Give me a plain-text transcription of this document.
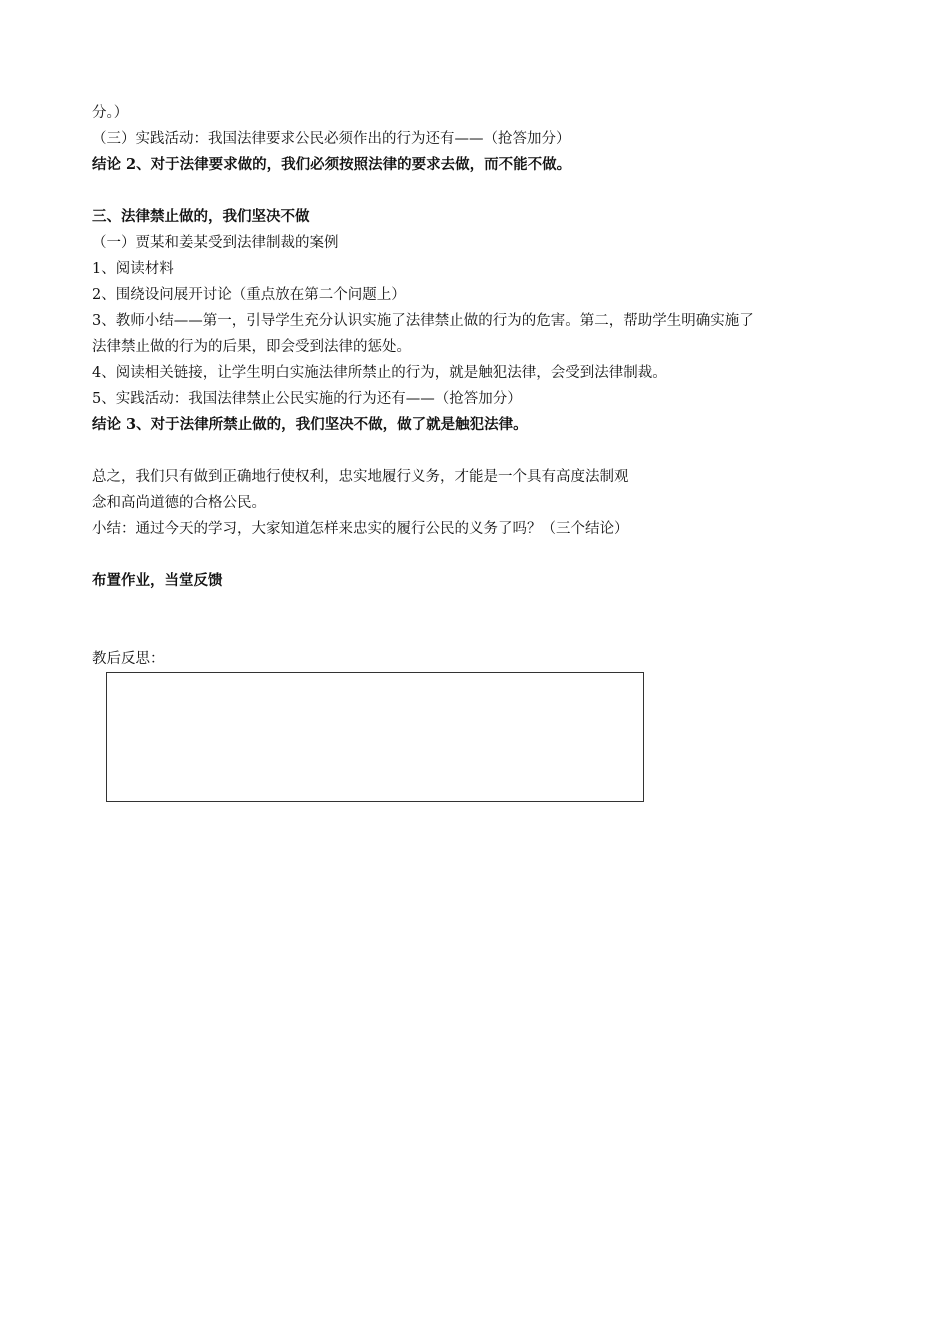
分。）
（三）实践活动：我国法律要求公民必须作出的行为还有——（抢答加分）
结论 2、对于法律要求做的，我们必须按照法律的要求去做，而不能不做。
三、法律禁止做的，我们坚决不做
（一）贾某和姜某受到法律制裁的案例
1、阅读材料
2、围绕设问展开讨论（重点放在第二个问题上）
3、教师小结——第一，引导学生充分认识实施了法律禁止做的行为的危害。第二，帮助学生明确实施了
法律禁止做的行为的后果，即会受到法律的惩处。
4、阅读相关链接，让学生明白实施法律所禁止的行为，就是触犯法律，会受到法律制裁。
5、实践活动：我国法律禁止公民实施的行为还有——（抢答加分）
结论 3、对于法律所禁止做的，我们坚决不做，做了就是触犯法律。
总之，我们只有做到正确地行使权利，忠实地履行义务，才能是一个具有高度法制观
念和高尚道德的合格公民。
小结：通过今天的学习，大家知道怎样来忠实的履行公民的义务了吗？（三个结论）
布置作业，当堂反馈
教后反思：
